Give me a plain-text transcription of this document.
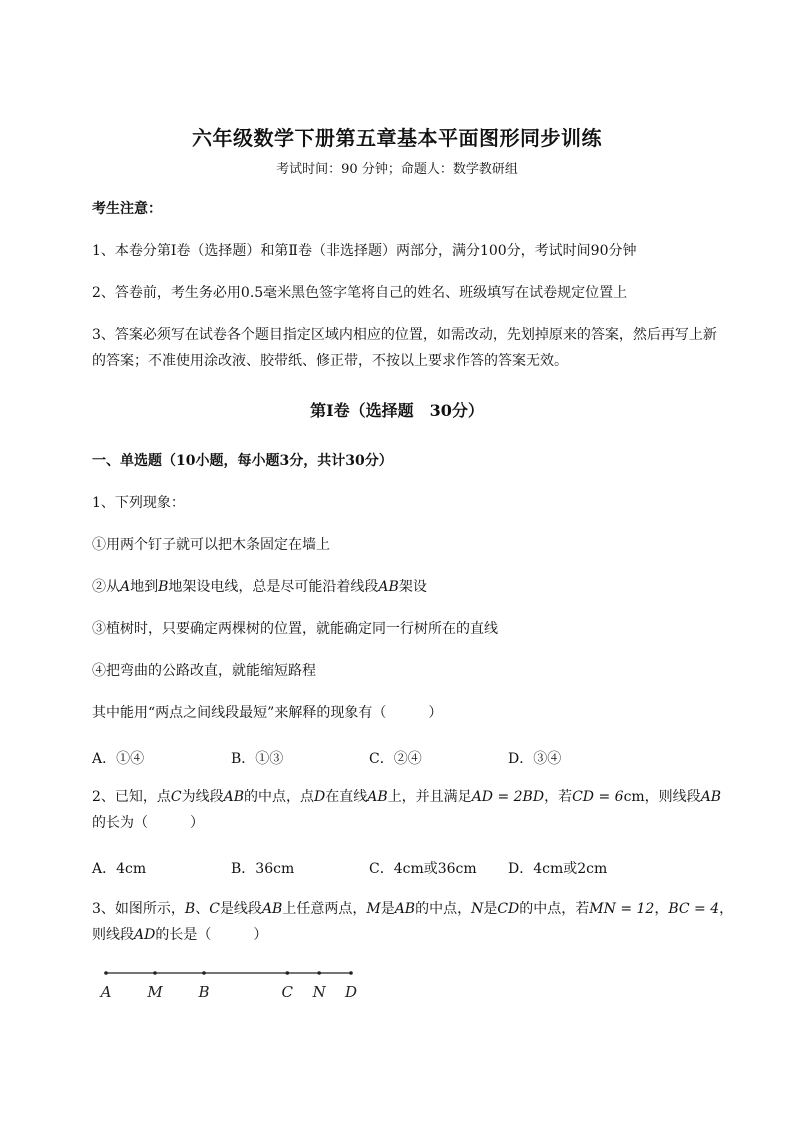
六年级数学下册第五章基本平面图形同步训练
考试时间：90 分钟；命题人：数学教研组
考生注意：
1、本卷分第Ⅰ卷（选择题）和第Ⅱ卷（非选择题）两部分，满分100分，考试时间90分钟
2、答卷前，考生务必用0.5毫米黑色签字笔将自己的姓名、班级填写在试卷规定位置上
3、答案必须写在试卷各个题目指定区域内相应的位置，如需改动，先划掉原来的答案，然后再写上新
的答案；不准使用涂改液、胶带纸、修正带，不按以上要求作答的答案无效。
第Ⅰ卷（选择题　30分）
一、单选题（10小题，每小题3分，共计30分）
1、下列现象：
①用两个钉子就可以把木条固定在墙上
②从A地到B地架设电线，总是尽可能沿着线段AB架设
③植树时，只要确定两棵树的位置，就能确定同一行树所在的直线
④把弯曲的公路改直，就能缩短路程
其中能用“两点之间线段最短”来解释的现象有（　　　）
A．①④	B．①③	C．②④	D．③④
2、已知，点C为线段AB的中点，点D在直线AB上，并且满足AD = 2BD，若CD = 6cm，则线段AB
的长为（　　　）
A．4cm	B．36cm	C．4cm或36cm D．4cm或2cm
3、如图所示，B、C是线段AB上任意两点，M是AB的中点，N是CD的中点，若MN = 12，BC = 4，
则线段AD的长是（　　　）
A M B	C N D
